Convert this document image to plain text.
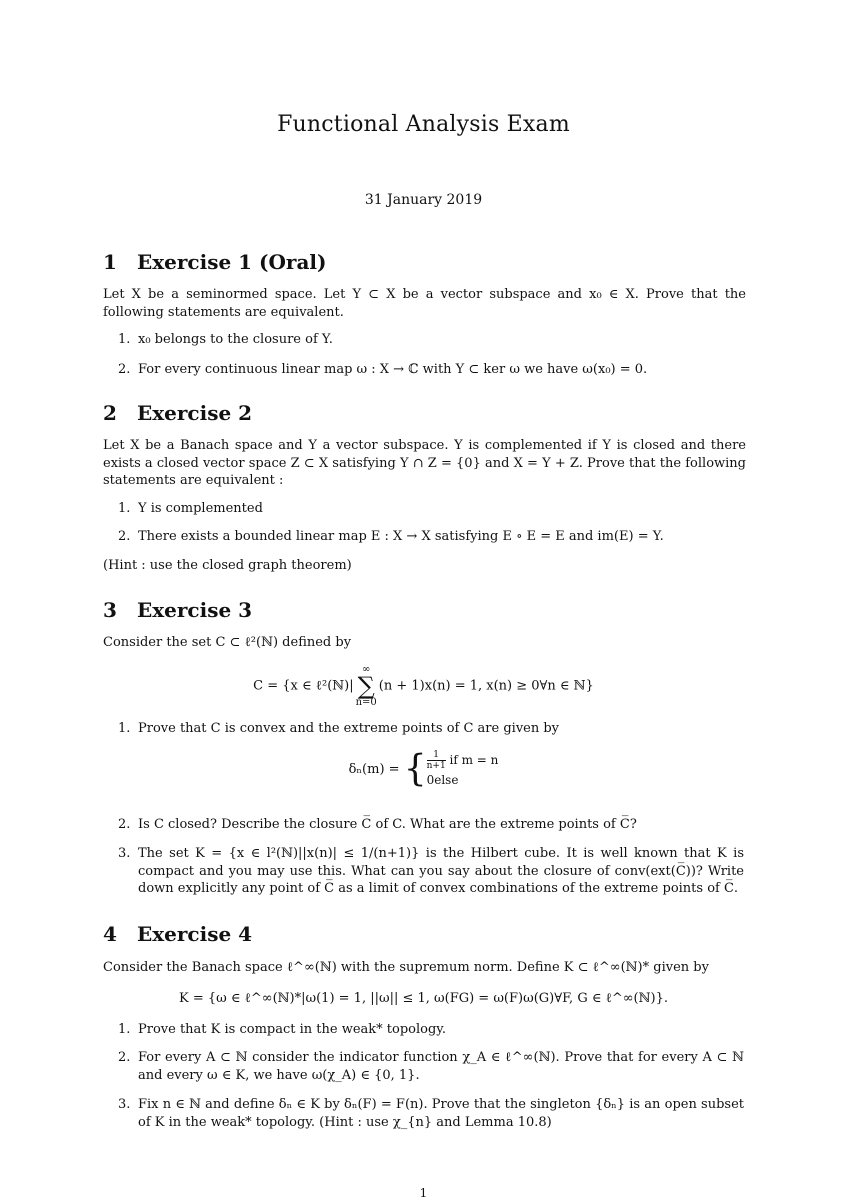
Functional Analysis Exam
31 January 2019
1 Exercise 1 (Oral)
Let X be a seminormed space. Let Y ⊂ X be a vector subspace and x₀ ∈ X. Prove that the following statements are equivalent.
1. x₀ belongs to the closure of Y.
2. For every continuous linear map ω : X → ℂ with Y ⊂ ker ω we have ω(x₀) = 0.
2 Exercise 2
Let X be a Banach space and Y a vector subspace. Y is complemented if Y is closed and there exists a closed vector space Z ⊂ X satisfying Y ∩ Z = {0} and X = Y + Z. Prove that the following statements are equivalent :
1. Y is complemented
2. There exists a bounded linear map E : X → X satisfying E ∘ E = E and im(E) = Y.
(Hint : use the closed graph theorem)
3 Exercise 3
Consider the set C ⊂ ℓ²(ℕ) defined by
C = {x ∈ ℓ²(ℕ)|
∞
∑
n=0
(n + 1)x(n) = 1, x(n) ≥ 0∀n ∈ ℕ}
1. Prove that C is convex and the extreme points of C are given by
δₙ(m) = { $\frac{1}{n+1}$ if m = n
0else
2. Is C closed? Describe the closure C̅ of C. What are the extreme points of C̅?
3. The set K = {x ∈ l²(ℕ)||x(n)| ≤ 1/(n+1)} is the Hilbert cube. It is well known that K is compact and you may use this. What can you say about the closure of conv(ext(C̅))? Write down explicitly any point of C̅ as a limit of convex combinations of the extreme points of C̅.
4 Exercise 4
Consider the Banach space ℓ^∞(ℕ) with the supremum norm. Define K ⊂ ℓ^∞(ℕ)* given by
K = {ω ∈ ℓ^∞(ℕ)*|ω(1) = 1, ||ω|| ≤ 1, ω(FG) = ω(F)ω(G)∀F, G ∈ ℓ^∞(ℕ)}.
1. Prove that K is compact in the weak* topology.
2. For every A ⊂ ℕ consider the indicator function χ_A ∈ ℓ^∞(ℕ). Prove that for every A ⊂ ℕ and every ω ∈ K, we have ω(χ_A) ∈ {0, 1}.
3. Fix n ∈ ℕ and define δₙ ∈ K by δₙ(F) = F(n). Prove that the singleton {δₙ} is an open subset of K in the weak* topology. (Hint : use χ_{n} and Lemma 10.8)
1
